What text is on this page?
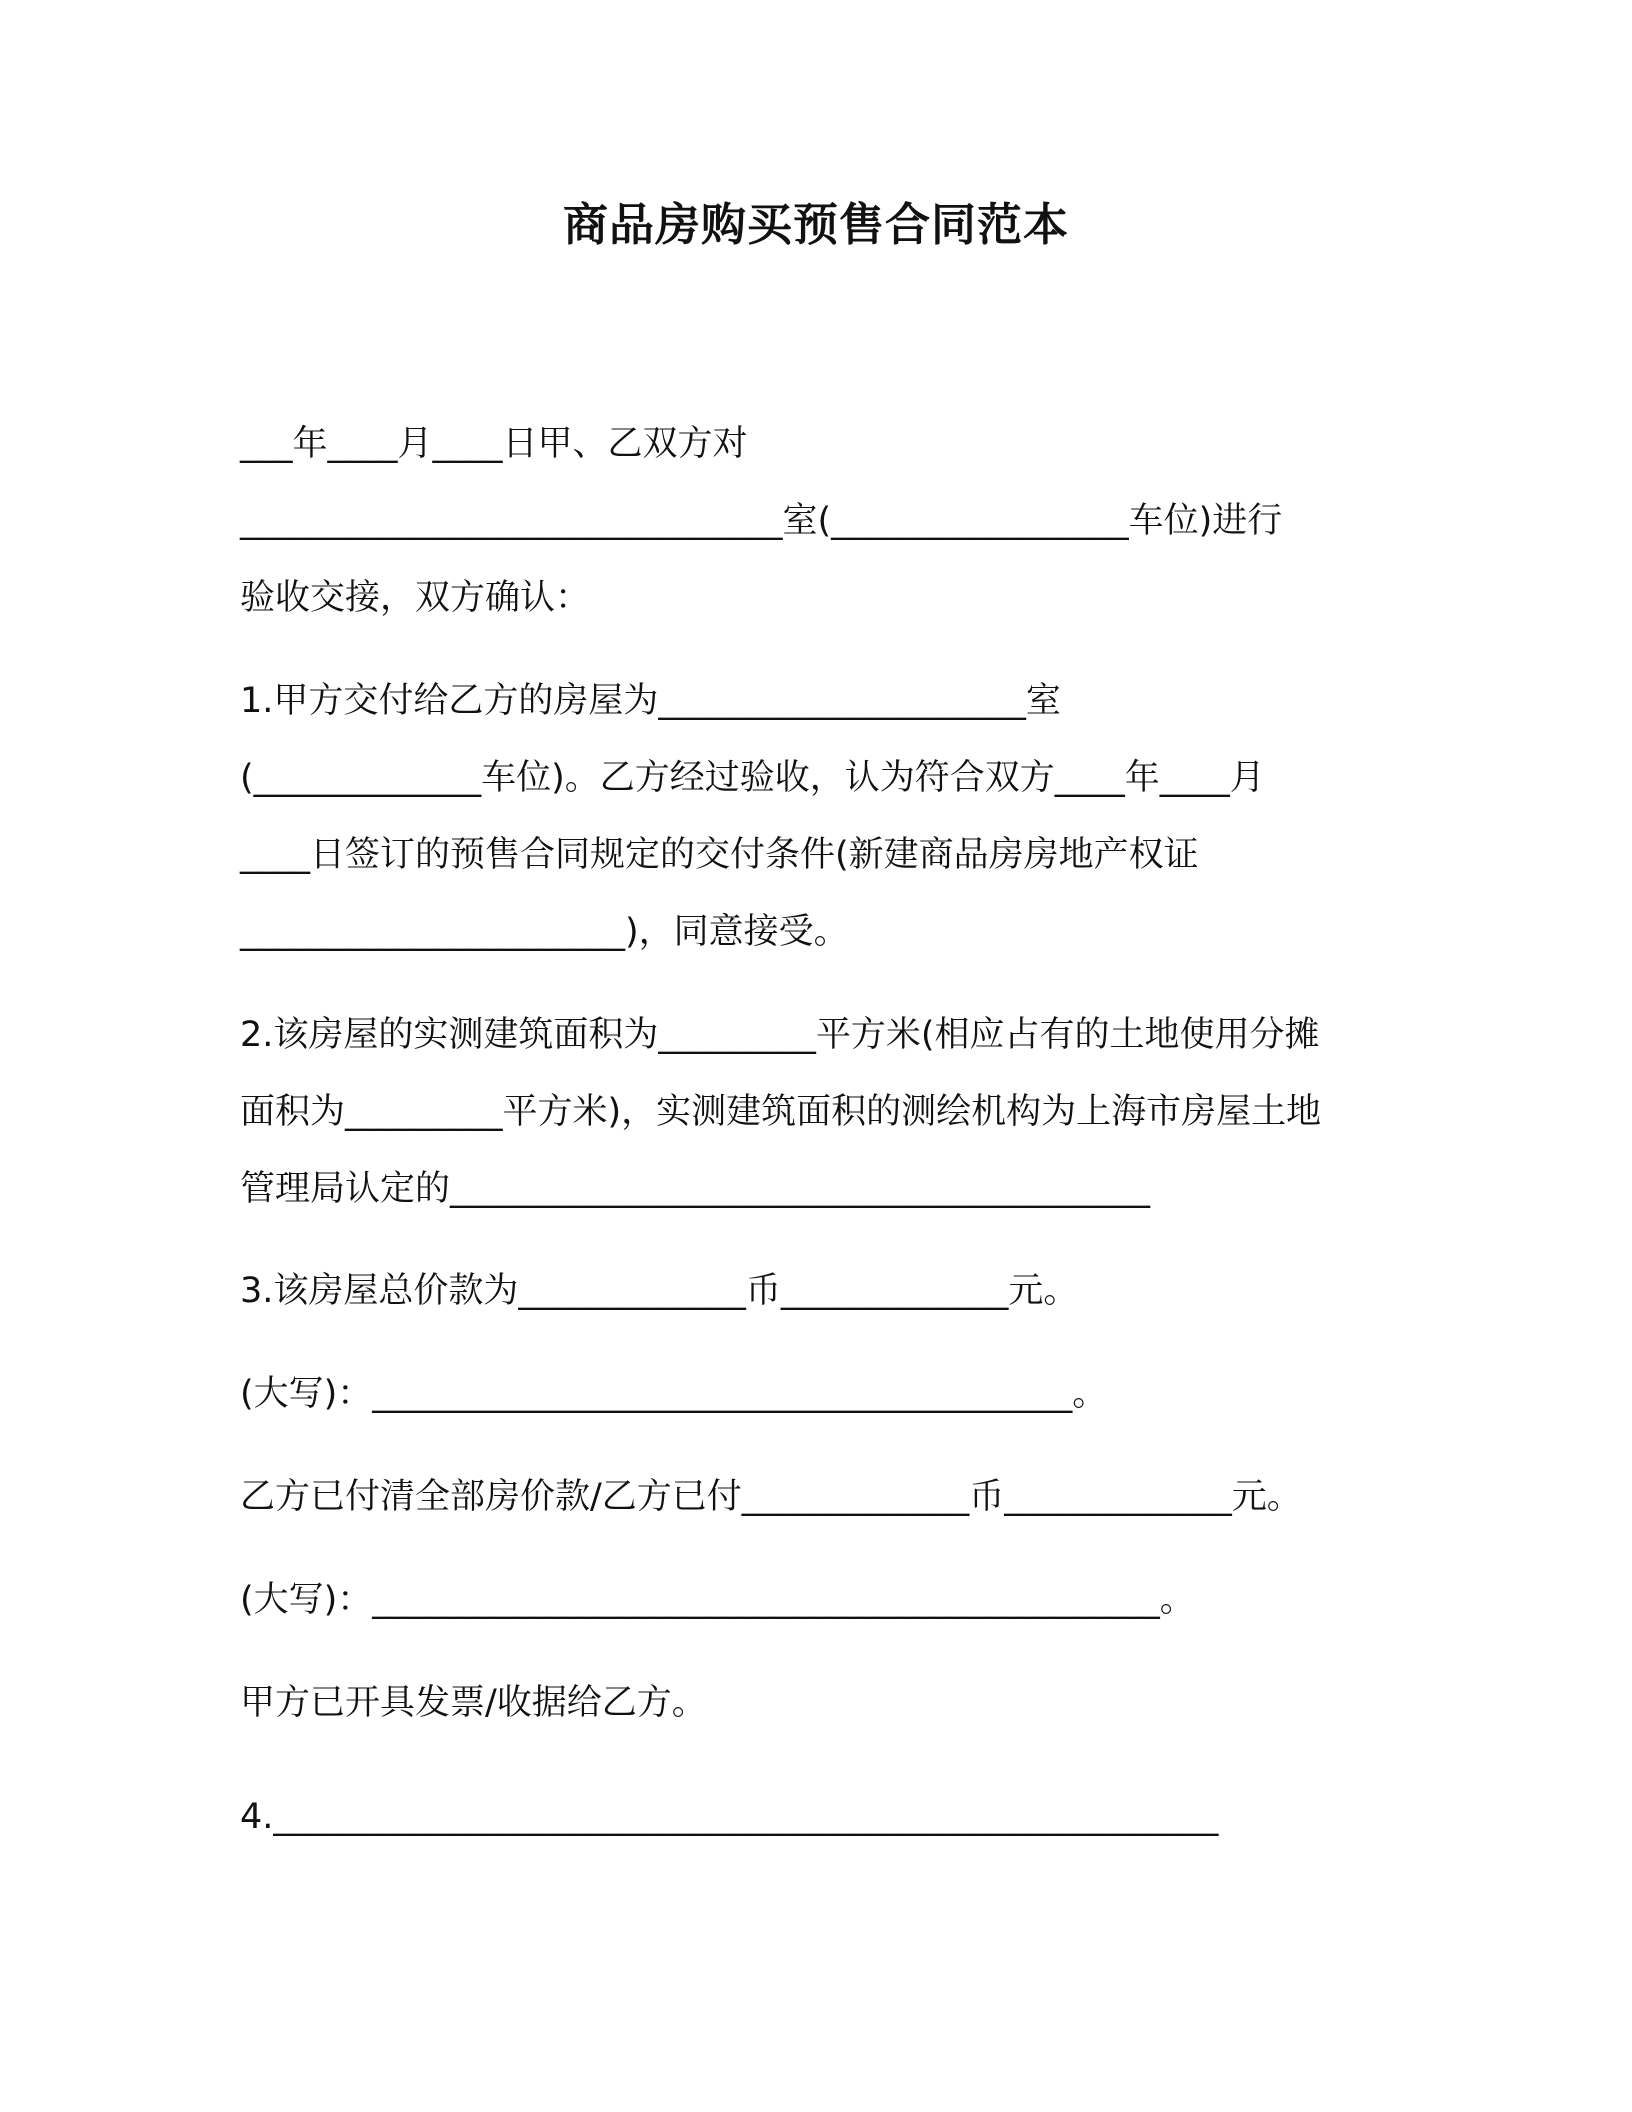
商品房购买预售合同范本

___年____月____日甲、乙双方对

_______________________________室(_________________车位)进行

验收交接，双方确认：

1.甲方交付给乙方的房屋为_____________________室

(_____________车位)。乙方经过验收，认为符合双方____年____月

____日签订的预售合同规定的交付条件(新建商品房房地产权证

______________________)，同意接受。

2.该房屋的实测建筑面积为_________平方米(相应占有的土地使用分摊

面积为_________平方米)，实测建筑面积的测绘机构为上海市房屋土地

管理局认定的________________________________________

3.该房屋总价款为_____________币_____________元。

(大写)：________________________________________。

乙方已付清全部房价款/乙方已付_____________币_____________元。

(大写)：_____________________________________________。

甲方已开具发票/收据给乙方。

4.______________________________________________________
